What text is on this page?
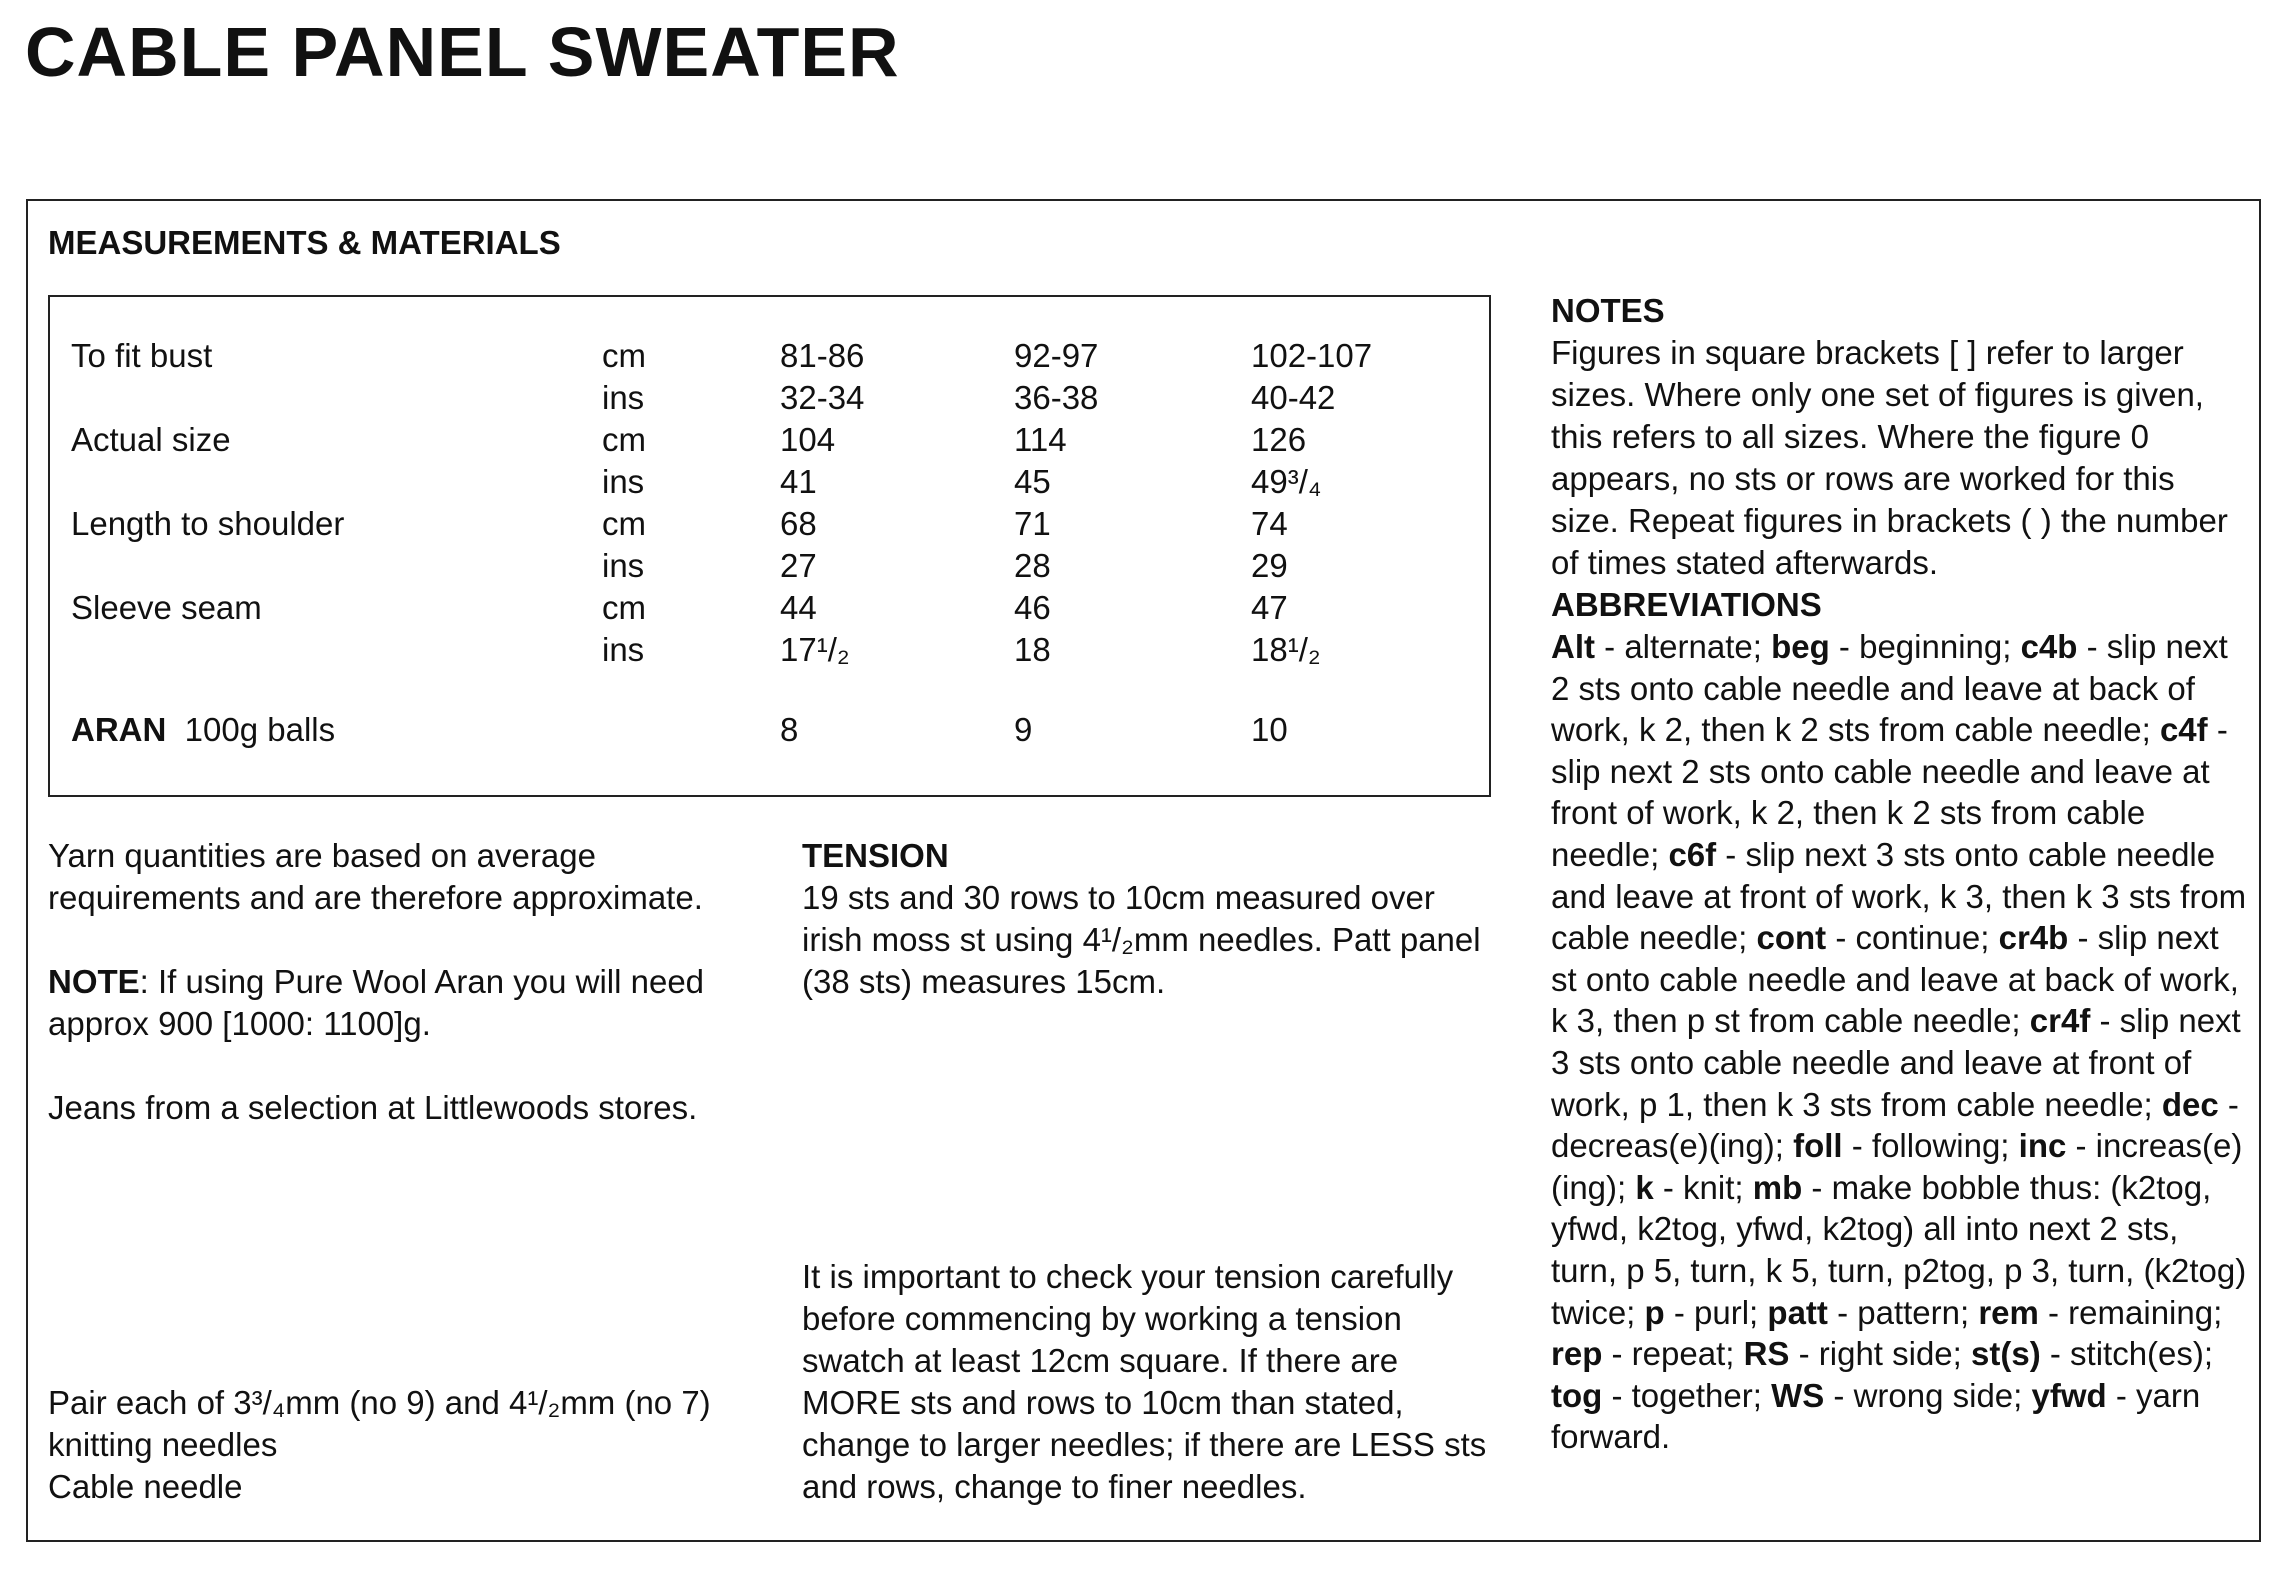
CABLE PANEL SWEATER
MEASUREMENTS & MATERIALS
To fit bust	cm	81-86	92-97	102-107
ins	32-34	36-38	40-42
Actual size	cm	104	114	126
ins	41	45	49³/₄
Length to shoulder	cm	68	71	74
ins	27	28	29
Sleeve seam	cm	44	46	47
ins	17¹/₂	18	18¹/₂
ARAN 100g balls	8	9	10

Yarn quantities are based on average
requirements and are therefore approximate.

NOTE: If using Pure Wool Aran you will need
approx 900 [1000: 1100]g.

Jeans from a selection at Littlewoods stores.

Pair each of 3³/₄mm (no 9) and 4¹/₂mm (no 7)
knitting needles
Cable needle

TENSION
19 sts and 30 rows to 10cm measured over
irish moss st using 4¹/₂mm needles. Patt panel
(38 sts) measures 15cm.

It is important to check your tension carefully
before commencing by working a tension
swatch at least 12cm square. If there are
MORE sts and rows to 10cm than stated,
change to larger needles; if there are LESS sts
and rows, change to finer needles.

NOTES
Figures in square brackets [ ] refer to larger
sizes. Where only one set of figures is given,
this refers to all sizes. Where the figure 0
appears, no sts or rows are worked for this
size. Repeat figures in brackets ( ) the number
of times stated afterwards.

ABBREVIATIONS

Alt - alternate; beg - beginning; c4b - slip next 2 sts onto cable needle and leave at back of work, k 2, then k 2 sts from cable needle; c4f - slip next 2 sts onto cable needle and leave at front of work, k 2, then k 2 sts from cable needle; c6f - slip next 3 sts onto cable needle and leave at front of work, k 3, then k 3 sts from cable needle; cont - continue; cr4b - slip next st onto cable needle and leave at back of work, k 3, then p st from cable needle; cr4f - slip next 3 sts onto cable needle and leave at front of work, p 1, then k 3 sts from cable needle; dec - decreas(e)(ing); foll - following; inc - increas(e)(ing); k - knit; mb - make bobble thus: (k2tog, yfwd, k2tog, yfwd, k2tog) all into next 2 sts, turn, p 5, turn, k 5, turn, p2tog, p 3, turn, (k2tog) twice; p - purl; patt - pattern; rem - remaining; rep - repeat; RS - right side; st(s) - stitch(es); tog - together; WS - wrong side; yfwd - yarn forward.
